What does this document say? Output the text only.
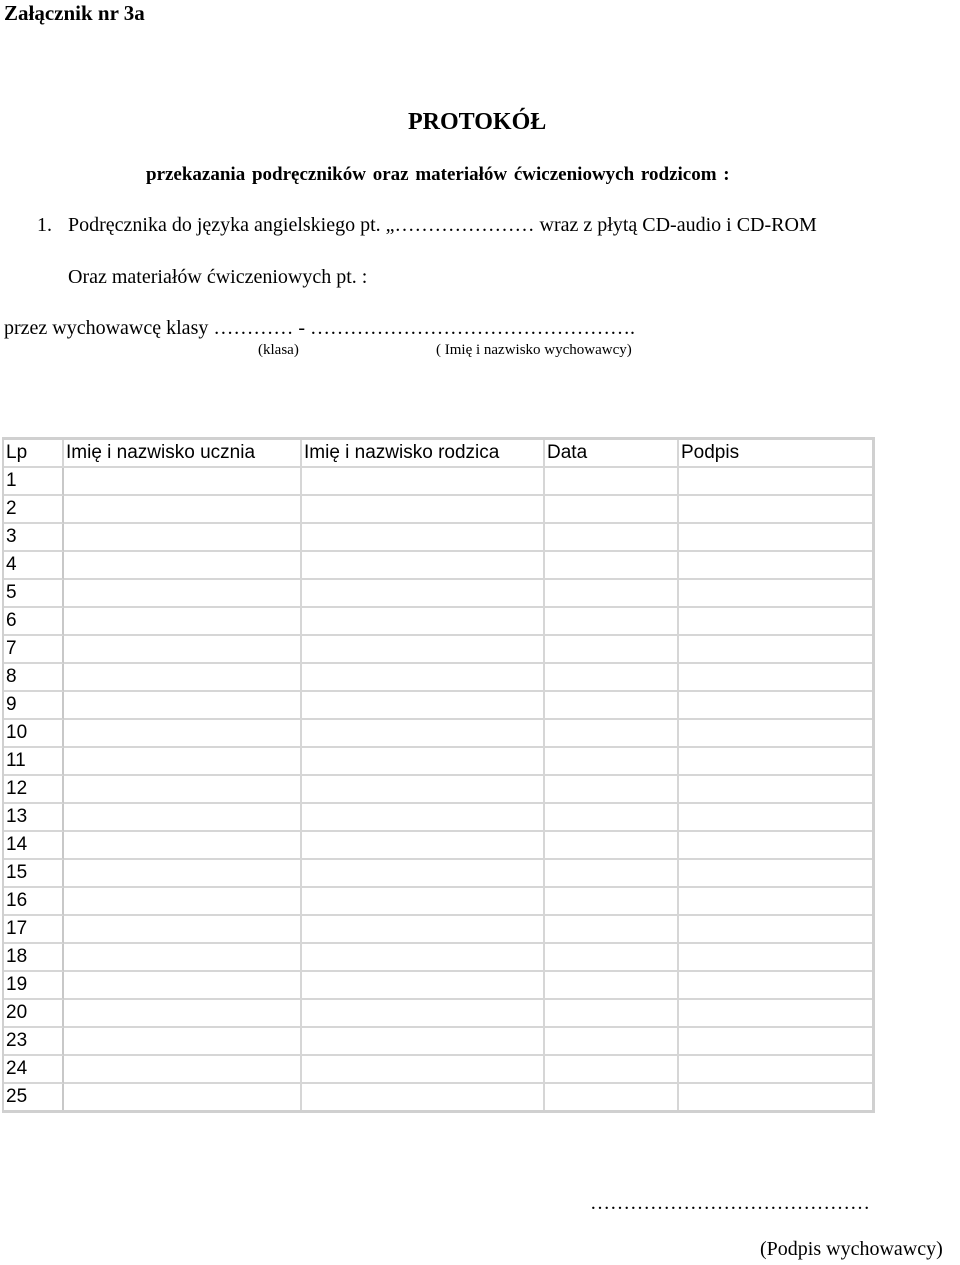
Załącznik nr 3a
PROTOKÓŁ
przekazania podręczników oraz materiałów ćwiczeniowych rodzicom :
1. Podręcznika do języka angielskiego pt. „………………… wraz z płytą CD-audio i CD-ROM
Oraz materiałów ćwiczeniowych pt. :
przez wychowawcę klasy ………… - ………………………………………….
(klasa)	( Imię i nazwisko wychowawcy)
Lp	Imię i nazwisko ucznia	Imię i nazwisko rodzica	Data	Podpis
1				
2				
3				
4				
5				
6				
7				
8				
9				
10				
11				
12				
13				
14				
15				
16				
17				
18				
19				
20				
23				
24				
25				
……………………………………
(Podpis wychowawcy)
